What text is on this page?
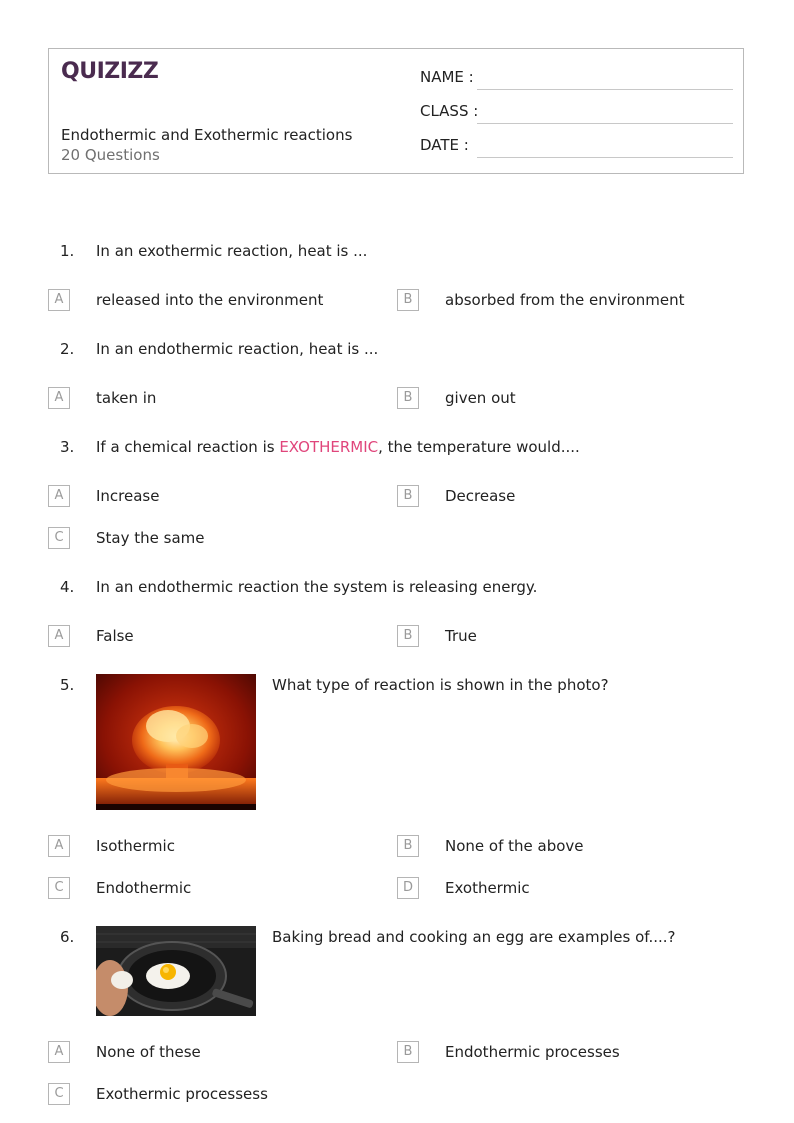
QUIZIZZ
Endothermic and Exothermic reactions
20 Questions
NAME :
CLASS :
DATE :
1. In an exothermic reaction, heat is ...
A	released into the environment	B	absorbed from the environment
2. In an endothermic reaction, heat is ...
A	taken in	B	given out
3. If a chemical reaction is EXOTHERMIC, the temperature would....
A	Increase	B	Decrease
C	Stay the same
4. In an endothermic reaction the system is releasing energy.
A	False	B	True
5.	What type of reaction is shown in the photo?
A	Isothermic	B	None of the above
C	Endothermic	D	Exothermic
6.	Baking bread and cooking an egg are examples of....?
A	None of these	B	Endothermic processes
C	Exothermic processess
